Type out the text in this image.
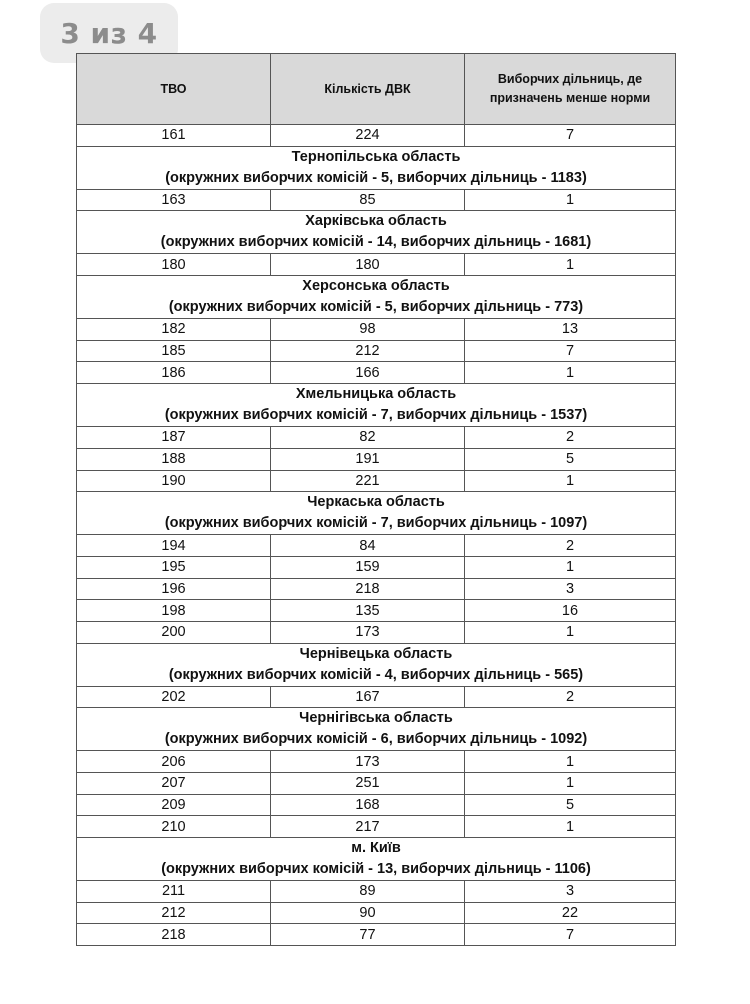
3 из 4
ТВО	Кількість ДВК	Виборчих дільниць, де призначень менше норми
161	224	7

Тернопільська область
(окружних виборчих комісій - 5, виборчих дільниць - 1183)		

163	85	1

Харківська область
(окружних виборчих комісій - 14, виборчих дільниць - 1681)		

180	180	1

Херсонська область
(окружних виборчих комісій - 5, виборчих дільниць - 773)		

182	98	13
185	212	7
186	166	1

Хмельницька область
(окружних виборчих комісій - 7, виборчих дільниць - 1537)		

187	82	2
188	191	5
190	221	1

Черкаська область
(окружних виборчих комісій - 7, виборчих дільниць - 1097)		

194	84	2
195	159	1
196	218	3
198	135	16
200	173	1

Чернівецька область
(окружних виборчих комісій - 4, виборчих дільниць - 565)		

202	167	2

Чернігівська область
(окружних виборчих комісій - 6, виборчих дільниць - 1092)		

206	173	1
207	251	1
209	168	5
210	217	1

м. Київ
(окружних виборчих комісій - 13, виборчих дільниць - 1106)		

211	89	3
212	90	22
218	77	7
